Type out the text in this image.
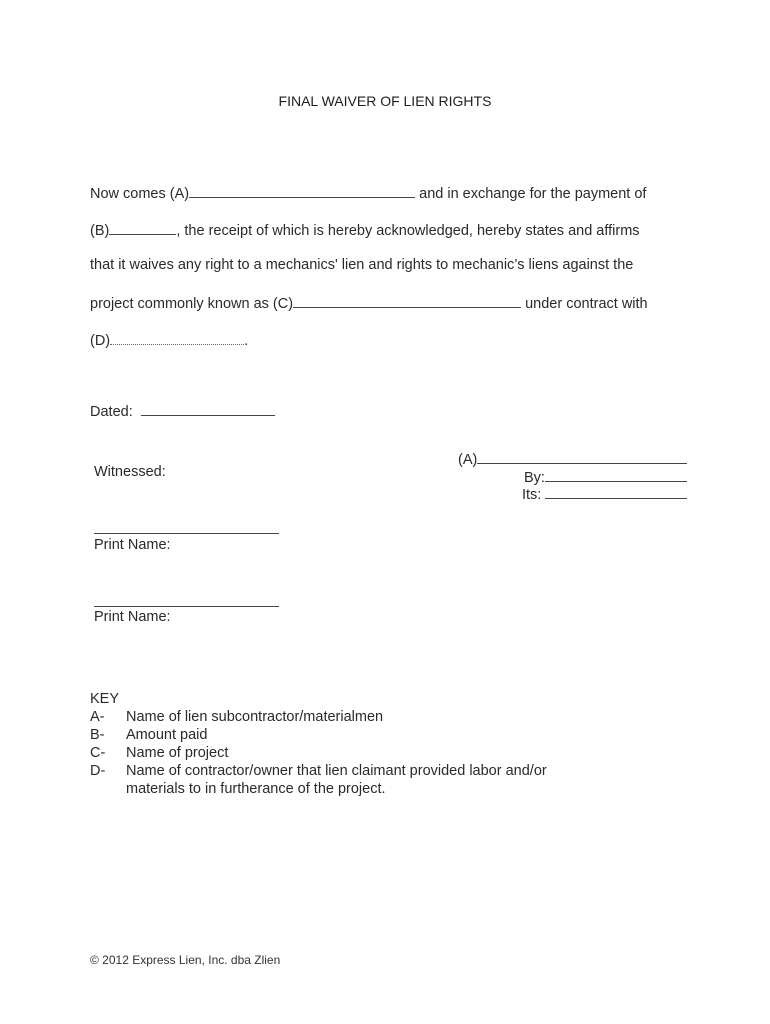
FINAL WAIVER OF LIEN RIGHTS
Now comes (A)	and in exchange for the payment of
(B)	, the receipt of which is hereby acknowledged, hereby states and affirms
that it waives any right to a mechanics' lien and rights to mechanic’s liens against the
project commonly known as (C)	under contract with
(D)	.
Dated:
(A)
Witnessed:	By:
Its:
Print Name:
Print Name:
KEY
A- Name of lien subcontractor/materialmen
B- Amount paid
C- Name of project
D- Name of contractor/owner that lien claimant provided labor and/or
materials to in furtherance of the project.
© 2012 Express Lien, Inc. dba Zlien
